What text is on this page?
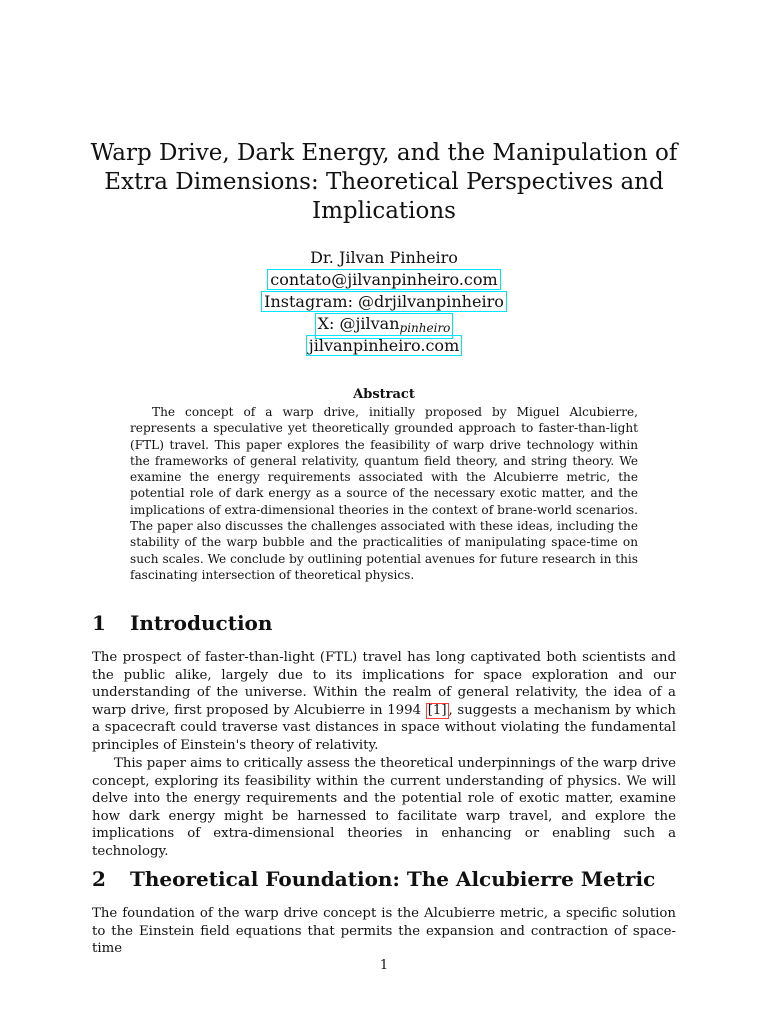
Warp Drive, Dark Energy, and the Manipulation of Extra Dimensions: Theoretical Perspectives and Implications
Dr. Jilvan Pinheiro
contato@jilvanpinheiro.com
Instagram: @drjilvanpinheiro
X: @jilvan$_{pinheiro}$
jilvanpinheiro.com
Abstract

The concept of a warp drive, initially proposed by Miguel Alcubierre, represents a speculative yet theoretically grounded approach to faster-than-light (FTL) travel. This paper explores the feasibility of warp drive technology within the frameworks of general relativity, quantum field theory, and string theory. We examine the energy requirements associated with the Alcubierre metric, the potential role of dark energy as a source of the necessary exotic matter, and the implications of extra-dimensional theories in the context of brane-world scenarios. The paper also discusses the challenges associated with these ideas, including the stability of the warp bubble and the practicalities of manipulating space-time on such scales. We conclude by outlining potential avenues for future research in this fascinating intersection of theoretical physics.

1 Introduction

The prospect of faster-than-light (FTL) travel has long captivated both scientists and the public alike, largely due to its implications for space exploration and our understanding of the universe. Within the realm of general relativity, the idea of a warp drive, first proposed by Alcubierre in 1994 [1] , suggests a mechanism by which a spacecraft could traverse vast distances in space without violating the fundamental principles of Einstein's theory of relativity.

This paper aims to critically assess the theoretical underpinnings of the warp drive concept, exploring its feasibility within the current understanding of physics. We will delve into the energy requirements and the potential role of exotic matter, examine how dark energy might be harnessed to facilitate warp travel, and explore the implications of extra-dimensional theories in enhancing or enabling such a technology.

2 Theoretical Foundation: The Alcubierre Metric

The foundation of the warp drive concept is the Alcubierre metric, a specific solution to the Einstein field equations that permits the expansion and contraction of space-time

1
